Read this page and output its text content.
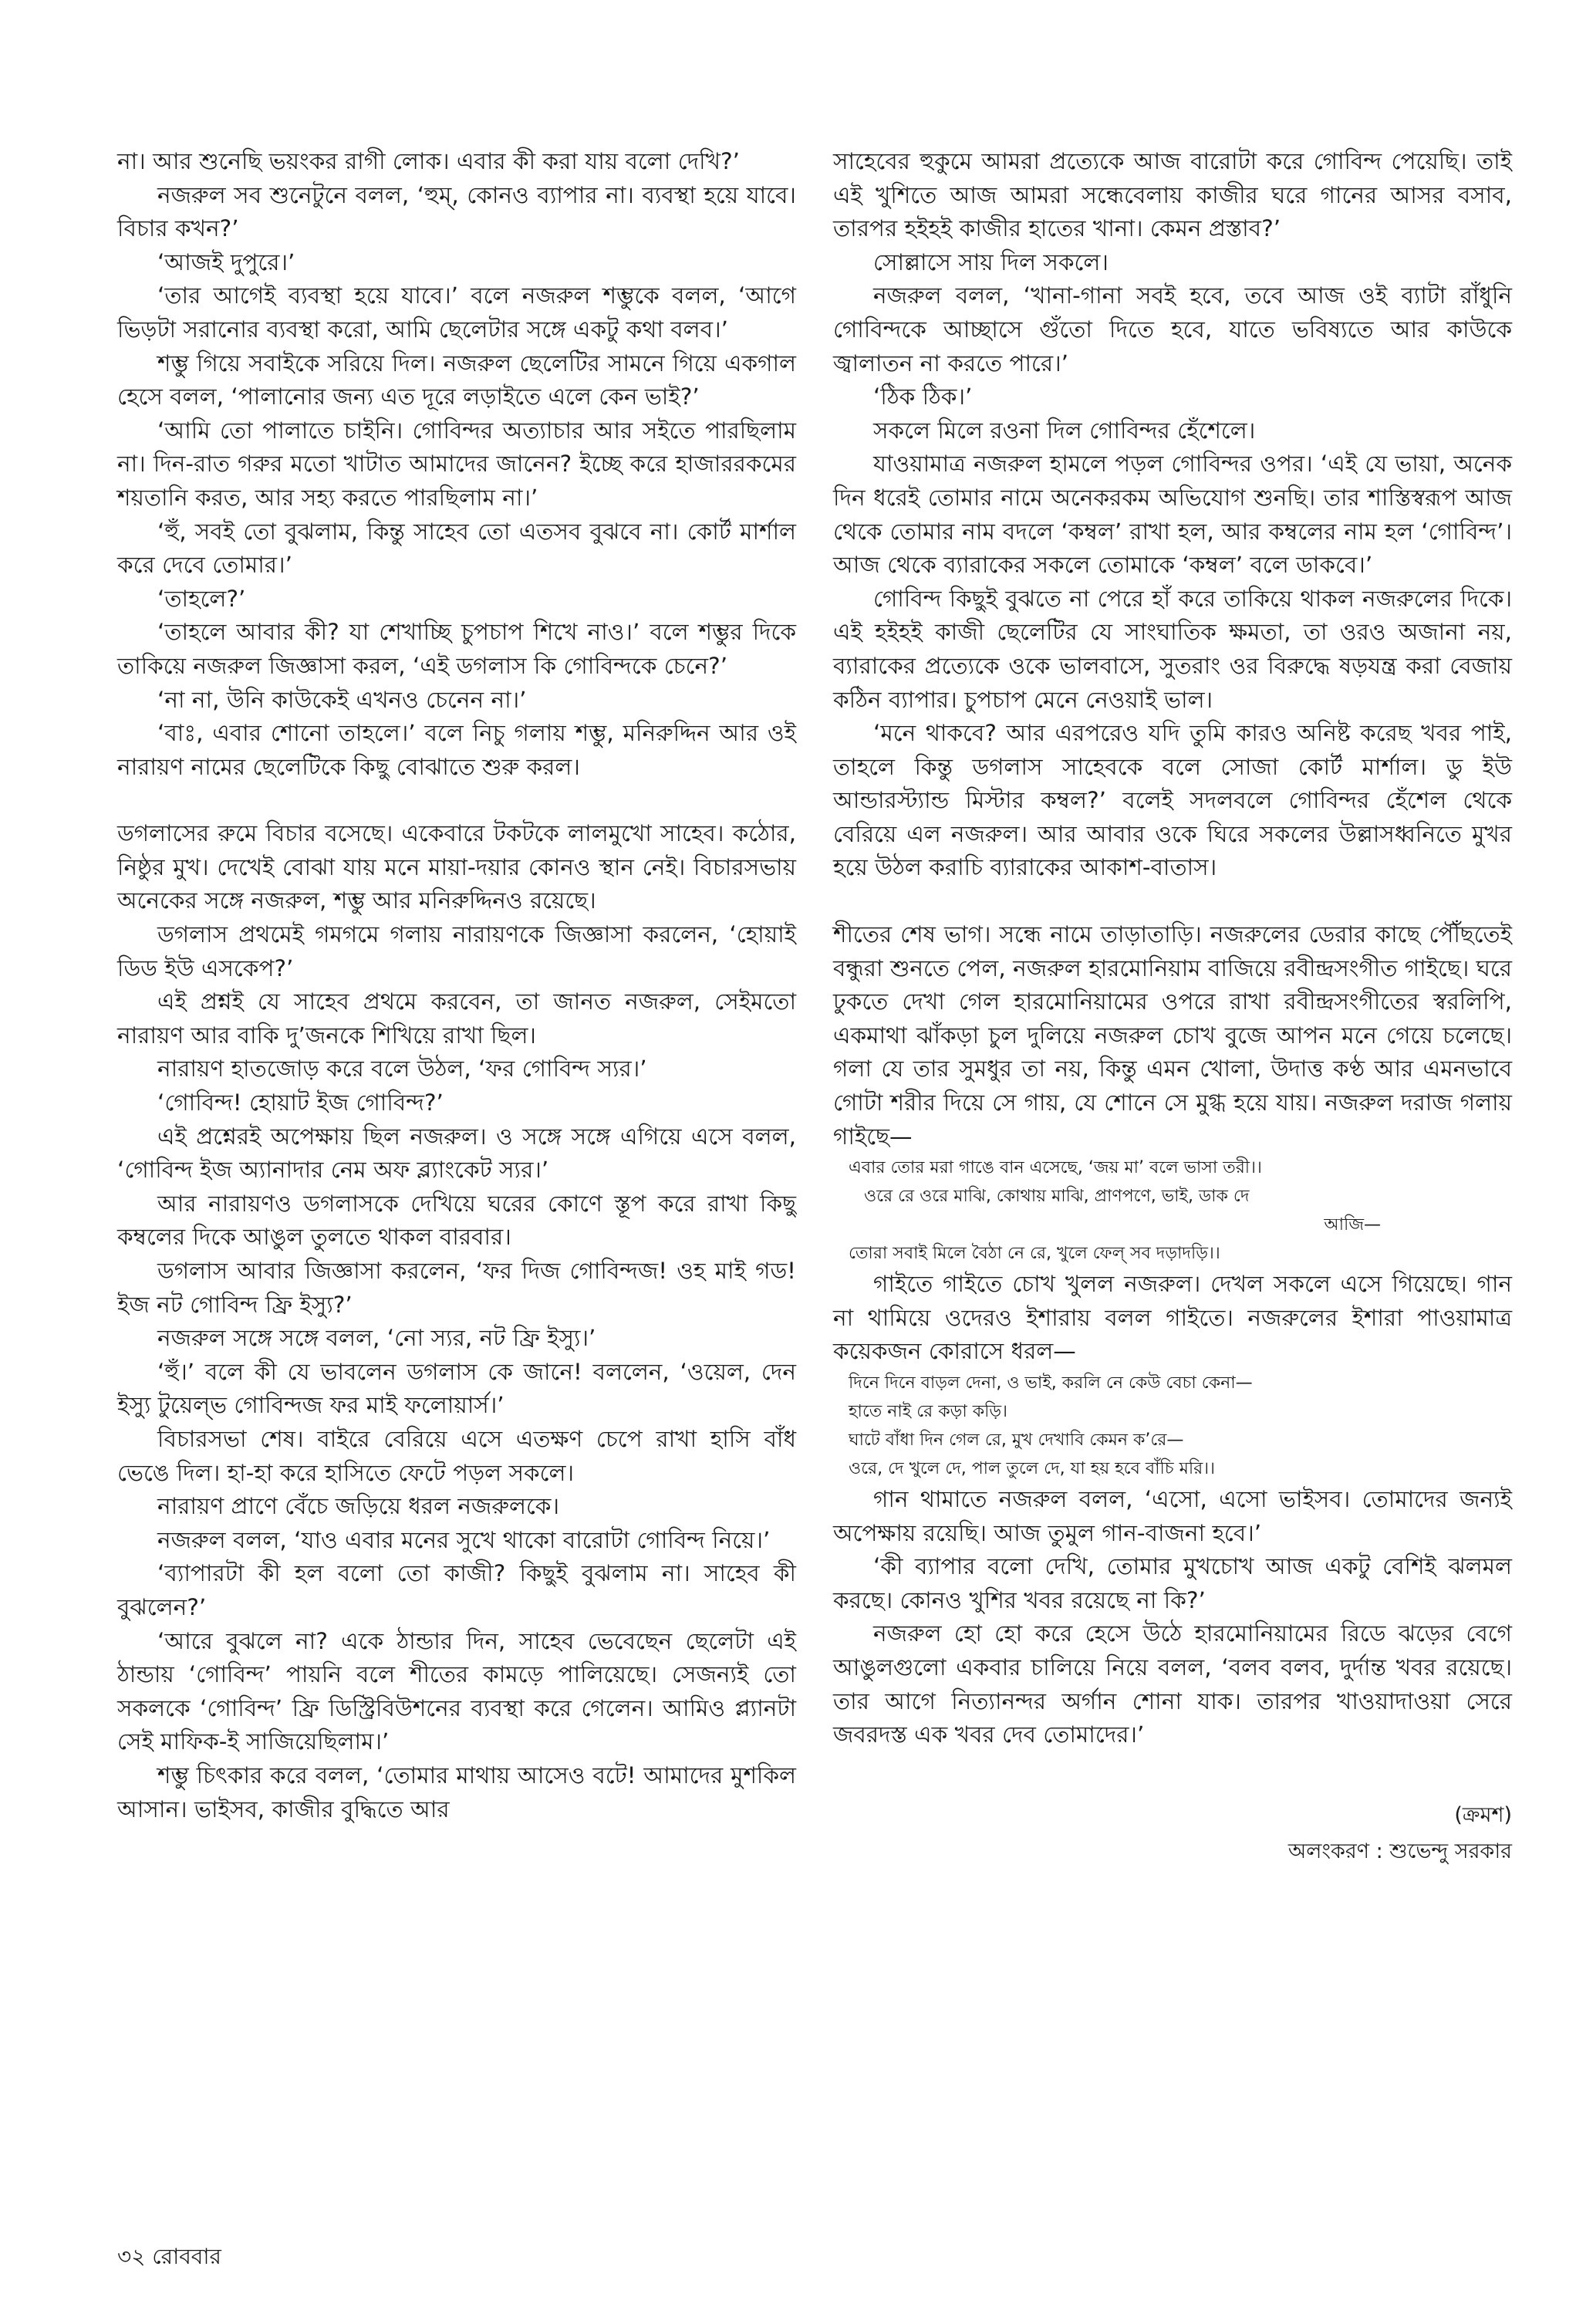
না। আর শুনেছি ভয়ংকর রাগী লোক। এবার কী করা যায় বলো দেখি?’

নজরুল সব শুনেটুনে বলল, ‘হুম্‌, কোনও ব্যাপার না। ব্যবস্থা হয়ে যাবে। বিচার কখন?’

‘আজই দুপুরে।’

‘তার আগেই ব্যবস্থা হয়ে যাবে।’ বলে নজরুল শম্ভুকে বলল, ‘আগে ভিড়টা সরানোর ব্যবস্থা করো, আমি ছেলেটার সঙ্গে একটু কথা বলব।’

শম্ভু গিয়ে সবাইকে সরিয়ে দিল। নজরুল ছেলেটির সামনে গিয়ে একগাল হেসে বলল, ‘পালানোর জন্য এত দূরে লড়াইতে এলে কেন ভাই?’

‘আমি তো পালাতে চাইনি। গোবিন্দর অত্যাচার আর সইতে পারছিলাম না। দিন-রাত গরুর মতো খাটাত আমাদের জানেন? ইচ্ছে করে হাজাররকমের শয়তানি করত, আর সহ্য করতে পারছিলাম না।’

‘হুঁ, সবই তো বুঝলাম, কিন্তু সাহেব তো এতসব বুঝবে না। কোর্ট মার্শাল করে দেবে তোমার।’

‘তাহলে?’

‘তাহলে আবার কী? যা শেখাচ্ছি চুপচাপ শিখে নাও।’ বলে শম্ভুর দিকে তাকিয়ে নজরুল জিজ্ঞাসা করল, ‘এই ডগলাস কি গোবিন্দকে চেনে?’

‘না না, উনি কাউকেই এখনও চেনেন না।’

‘বাঃ, এবার শোনো তাহলে।’ বলে নিচু গলায় শম্ভু, মনিরুদ্দিন আর ওই নারায়ণ নামের ছেলেটিকে কিছু বোঝাতে শুরু করল।

ডগলাসের রুমে বিচার বসেছে। একেবারে টকটকে লালমুখো সাহেব। কঠোর, নিষ্ঠুর মুখ। দেখেই বোঝা যায় মনে মায়া-দয়ার কোনও স্থান নেই। বিচারসভায় অনেকের সঙ্গে নজরুল, শম্ভু আর মনিরুদ্দিনও রয়েছে।

ডগলাস প্রথমেই গমগমে গলায় নারায়ণকে জিজ্ঞাসা করলেন, ‘হোয়াই ডিড ইউ এসকেপ?’

এই প্রশ্নই যে সাহেব প্রথমে করবেন, তা জানত নজরুল, সেইমতো নারায়ণ আর বাকি দু’জনকে শিখিয়ে রাখা ছিল।

নারায়ণ হাতজোড় করে বলে উঠল, ‘ফর গোবিন্দ স্যর।’

‘গোবিন্দ! হোয়াট ইজ গোবিন্দ?’

এই প্রশ্নেরই অপেক্ষায় ছিল নজরুল। ও সঙ্গে সঙ্গে এগিয়ে এসে বলল, ‘গোবিন্দ ইজ অ্যানাদার নেম অফ ব্ল্যাংকেট স্যর।’

আর নারায়ণও ডগলাসকে দেখিয়ে ঘরের কোণে স্তূপ করে রাখা কিছু কম্বলের দিকে আঙুল তুলতে থাকল বারবার।

ডগলাস আবার জিজ্ঞাসা করলেন, ‘ফর দিজ গোবিন্দজ! ওহ মাই গড! ইজ নট গোবিন্দ ফ্রি ইস্যু?’

নজরুল সঙ্গে সঙ্গে বলল, ‘নো স্যর, নট ফ্রি ইস্যু।’

‘হুঁ।’ বলে কী যে ভাবলেন ডগলাস কে জানে! বললেন, ‘ওয়েল, দেন ইস্যু টুয়েল্‌ভ গোবিন্দজ ফর মাই ফলোয়ার্স।’

বিচারসভা শেষ। বাইরে বেরিয়ে এসে এতক্ষণ চেপে রাখা হাসি বাঁধ ভেঙে দিল। হা-হা করে হাসিতে ফেটে পড়ল সকলে।

নারায়ণ প্রাণে বেঁচে জড়িয়ে ধরল নজরুলকে।

নজরুল বলল, ‘যাও এবার মনের সুখে থাকো বারোটা গোবিন্দ নিয়ে।’

‘ব্যাপারটা কী হল বলো তো কাজী? কিছুই বুঝলাম না। সাহেব কী বুঝলেন?’

‘আরে বুঝলে না? একে ঠান্ডার দিন, সাহেব ভেবেছেন ছেলেটা এই ঠান্ডায় ‘গোবিন্দ’ পায়নি বলে শীতের কামড়ে পালিয়েছে। সেজন্যই তো সকলকে ‘গোবিন্দ’ ফ্রি ডিস্ট্রিবিউশনের ব্যবস্থা করে গেলেন। আমিও প্ল্যানটা সেই মাফিক-ই সাজিয়েছিলাম।’

শম্ভু চিৎকার করে বলল, ‘তোমার মাথায় আসেও বটে! আমাদের মুশকিল আসান। ভাইসব, কাজীর বুদ্ধিতে আর

সাহেবের হুকুমে আমরা প্রত্যেকে আজ বারোটা করে গোবিন্দ পেয়েছি। তাই এই খুশিতে আজ আমরা সন্ধেবেলায় কাজীর ঘরে গানের আসর বসাব, তারপর হইহই কাজীর হাতের খানা। কেমন প্রস্তাব?’

সোল্লাসে সায় দিল সকলে।

নজরুল বলল, ‘খানা-গানা সবই হবে, তবে আজ ওই ব্যাটা রাঁধুনি গোবিন্দকে আচ্ছাসে গুঁতো দিতে হবে, যাতে ভবিষ্যতে আর কাউকে জ্বালাতন না করতে পারে।’

‘ঠিক ঠিক।’

সকলে মিলে রওনা দিল গোবিন্দর হেঁশেলে।

যাওয়ামাত্র নজরুল হামলে পড়ল গোবিন্দর ওপর। ‘এই যে ভায়া, অনেক দিন ধরেই তোমার নামে অনেকরকম অভিযোগ শুনছি। তার শাস্তিস্বরূপ আজ থেকে তোমার নাম বদলে ‘কম্বল’ রাখা হল, আর কম্বলের নাম হল ‘গোবিন্দ’। আজ থেকে ব্যারাকের সকলে তোমাকে ‘কম্বল’ বলে ডাকবে।’

গোবিন্দ কিছুই বুঝতে না পেরে হাঁ করে তাকিয়ে থাকল নজরুলের দিকে। এই হইহই কাজী ছেলেটির যে সাংঘাতিক ক্ষমতা, তা ওরও অজানা নয়, ব্যারাকের প্রত্যেকে ওকে ভালবাসে, সুতরাং ওর বিরুদ্ধে ষড়যন্ত্র করা বেজায় কঠিন ব্যাপার। চুপচাপ মেনে নেওয়াই ভাল।

‘মনে থাকবে? আর এরপরেও যদি তুমি কারও অনিষ্ট করেছ খবর পাই, তাহলে কিন্তু ডগলাস সাহেবকে বলে সোজা কোর্ট মার্শাল। ডু ইউ আন্ডারস্ট্যান্ড মিস্টার কম্বল?’ বলেই সদলবলে গোবিন্দর হেঁশেল থেকে বেরিয়ে এল নজরুল। আর আবার ওকে ঘিরে সকলের উল্লাসধ্বনিতে মুখর হয়ে উঠল করাচি ব্যারাকের আকাশ-বাতাস।

শীতের শেষ ভাগ। সন্ধে নামে তাড়াতাড়ি। নজরুলের ডেরার কাছে পৌঁছতেই বন্ধুরা শুনতে পেল, নজরুল হারমোনিয়াম বাজিয়ে রবীন্দ্রসংগীত গাইছে। ঘরে ঢুকতে দেখা গেল হারমোনিয়ামের ওপরে রাখা রবীন্দ্রসংগীতের স্বরলিপি, একমাথা ঝাঁকড়া চুল দুলিয়ে নজরুল চোখ বুজে আপন মনে গেয়ে চলেছে। গলা যে তার সুমধুর তা নয়, কিন্তু এমন খোলা, উদাত্ত কণ্ঠ আর এমনভাবে গোটা শরীর দিয়ে সে গায়, যে শোনে সে মুগ্ধ হয়ে যায়। নজরুল দরাজ গলায় গাইছে—

এবার তোর মরা গাঙে বান এসেছে, ‘জয় মা’ বলে ভাসা তরী।।

ওরে রে ওরে মাঝি, কোথায় মাঝি, প্রাণপণে, ভাই, ডাক দে

আজি—

তোরা সবাই মিলে বৈঠা নে রে, খুলে ফেল্‌ সব দড়াদড়ি।।

গাইতে গাইতে চোখ খুলল নজরুল। দেখল সকলে এসে গিয়েছে। গান না থামিয়ে ওদেরও ইশারায় বলল গাইতে। নজরুলের ইশারা পাওয়ামাত্র কয়েকজন কোরাসে ধরল—

দিনে দিনে বাড়ল দেনা, ও ভাই, করলি নে কেউ বেচা কেনা—

হাতে নাই রে কড়া কড়ি।

ঘাটে বাঁধা দিন গেল রে, মুখ দেখাবি কেমন ক’রে—

ওরে, দে খুলে দে, পাল তুলে দে, যা হয় হবে বাঁচি মরি।।

গান থামাতে নজরুল বলল, ‘এসো, এসো ভাইসব। তোমাদের জন্যই অপেক্ষায় রয়েছি। আজ তুমুল গান-বাজনা হবে।’

‘কী ব্যাপার বলো দেখি, তোমার মুখচোখ আজ একটু বেশিই ঝলমল করছে। কোনও খুশির খবর রয়েছে না কি?’

নজরুল হো হো করে হেসে উঠে হারমোনিয়ামের রিডে ঝড়ের বেগে আঙুলগুলো একবার চালিয়ে নিয়ে বলল, ‘বলব বলব, দুর্দান্ত খবর রয়েছে। তার আগে নিত্যানন্দর অর্গান শোনা যাক। তারপর খাওয়াদাওয়া সেরে জবরদস্ত এক খবর দেব তোমাদের।’

(ক্রমশ)

অলংকরণ : শুভেন্দু সরকার

৩২ রোববার
